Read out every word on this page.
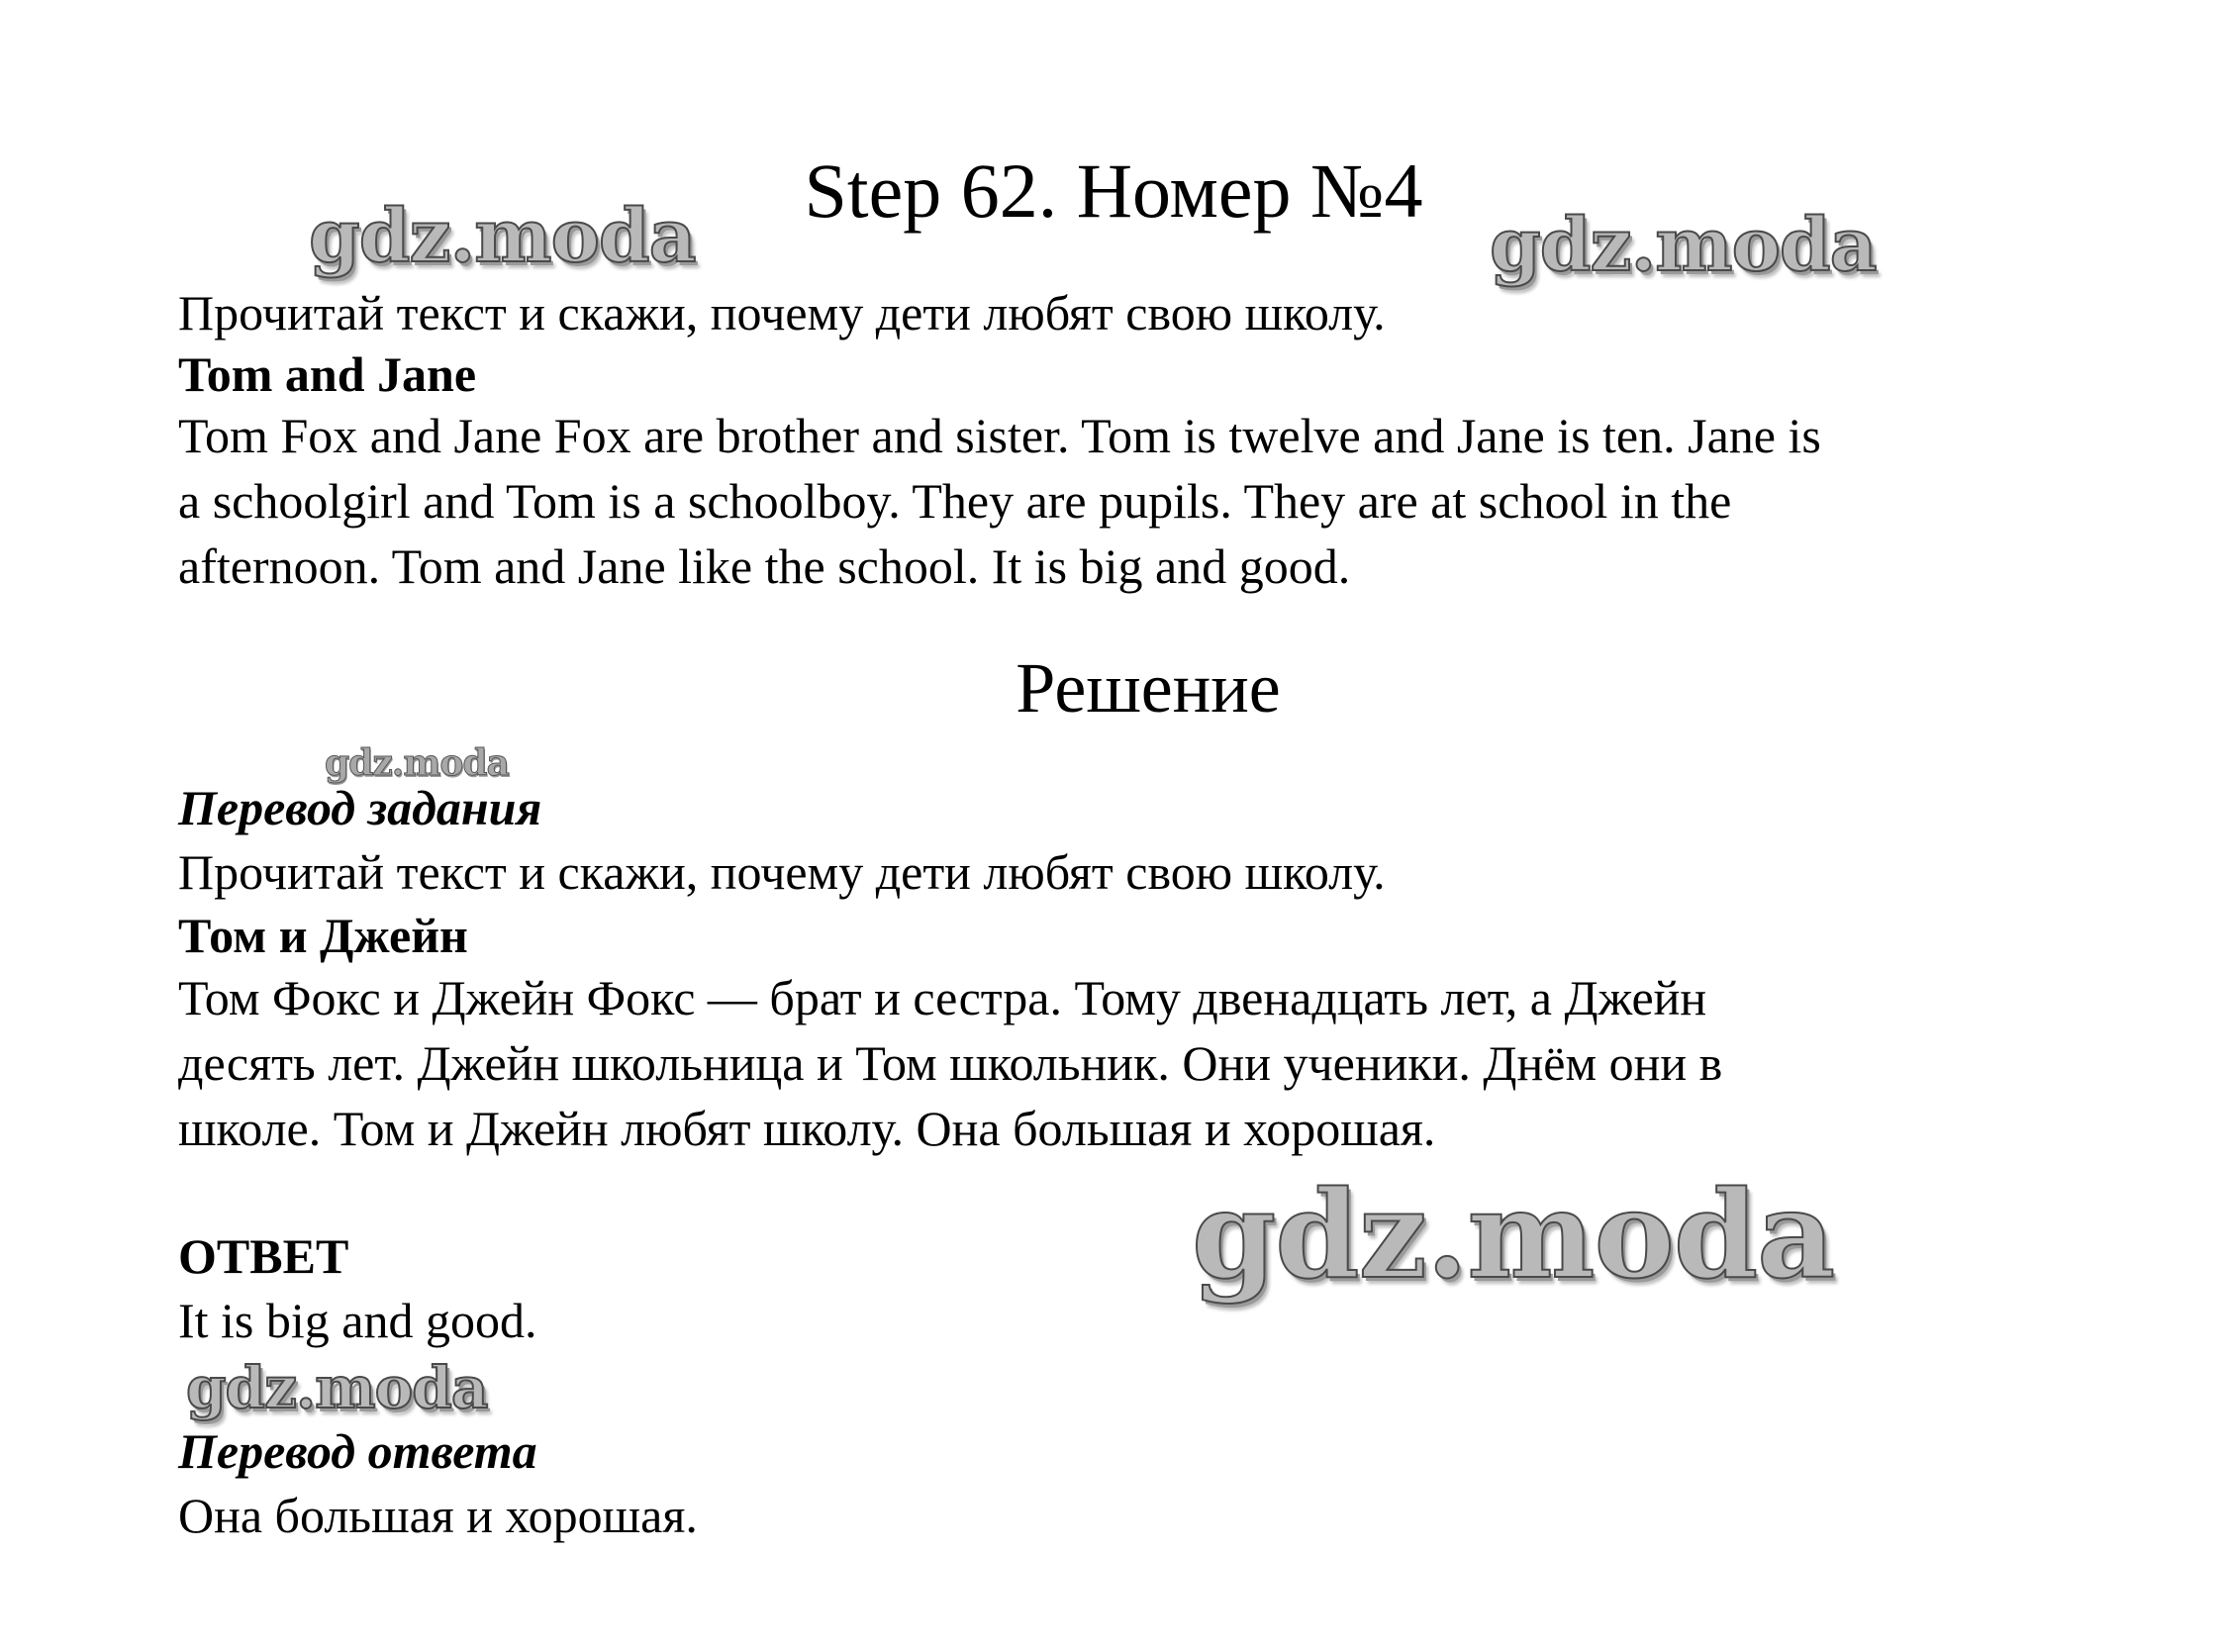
Step 62. Номер №4
Прочитай текст и скажи, почему дети любят свою школу.
Tom and Jane
Tom Fox and Jane Fox are brother and sister. Tom is twelve and Jane is ten. Jane is
a schoolgirl and Tom is a schoolboy. They are pupils. They are at school in the
afternoon. Tom and Jane like the school. It is big and good.
Решение
Перевод задания
Прочитай текст и скажи, почему дети любят свою школу.
Том и Джейн
Том Фокс и Джейн Фокс — брат и сестра. Тому двенадцать лет, а Джейн
десять лет. Джейн школьница и Том школьник. Они ученики. Днём они в
школе. Том и Джейн любят школу. Она большая и хорошая.
ОТВЕТ
It is big and good.
Перевод ответа
Она большая и хорошая.
gdz.moda	gdz.moda
gdz.moda
gdz.moda
gdz.moda
